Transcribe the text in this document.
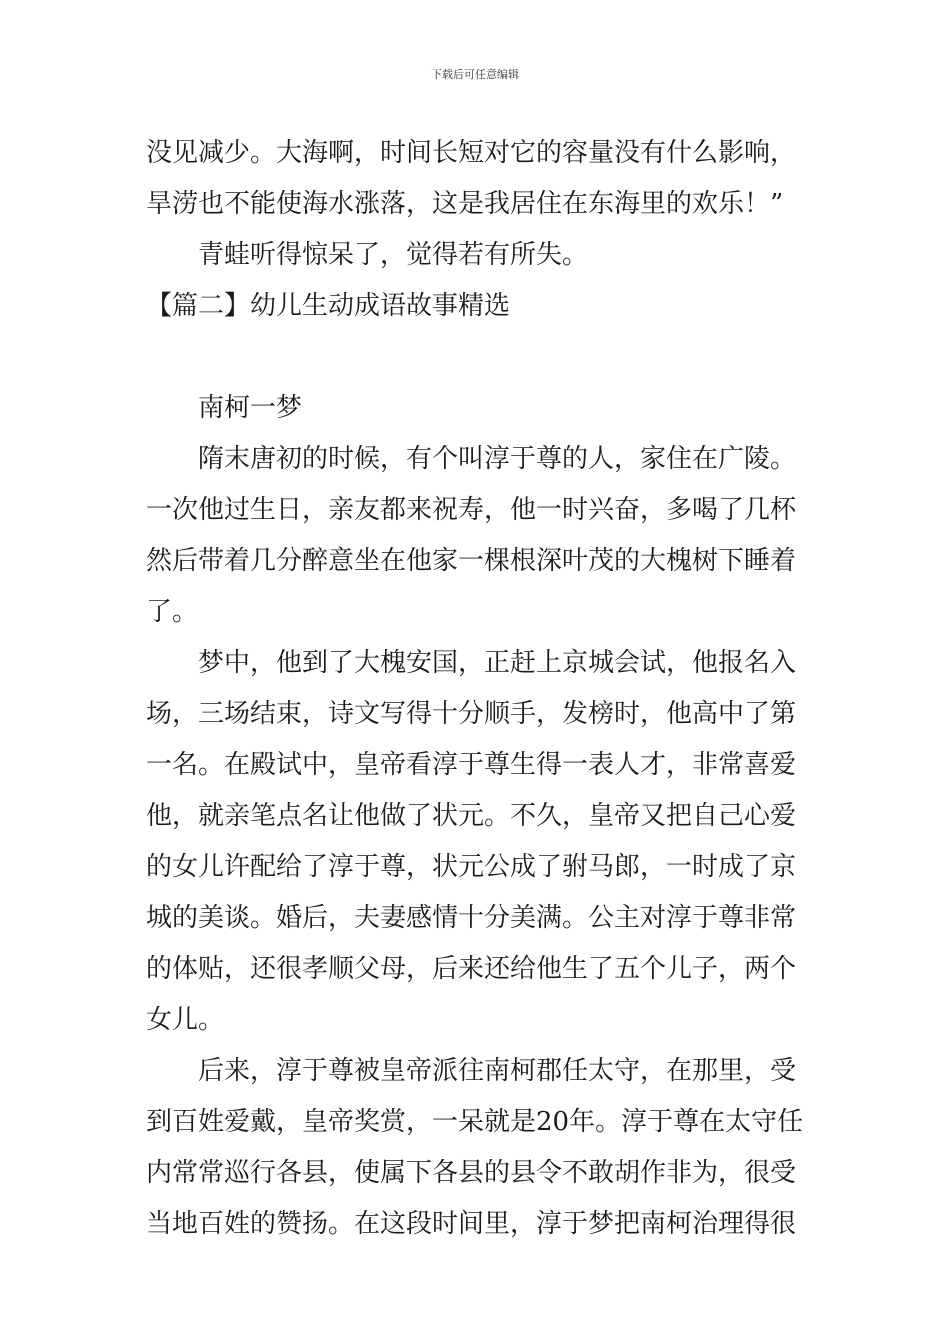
下载后可任意编辑
没见减少。大海啊，时间长短对它的容量没有什么影响，
旱涝也不能使海水涨落，这是我居住在东海里的欢乐！”
青蛙听得惊呆了，觉得若有所失。
【篇二】幼儿生动成语故事精选
南柯一梦
隋末唐初的时候，有个叫淳于尊的人，家住在广陵。
一次他过生日，亲友都来祝寿，他一时兴奋，多喝了几杯
然后带着几分醉意坐在他家一棵根深叶茂的大槐树下睡着
了。
梦中，他到了大槐安国，正赶上京城会试，他报名入
场，三场结束，诗文写得十分顺手，发榜时，他高中了第
一名。在殿试中，皇帝看淳于尊生得一表人才，非常喜爱
他，就亲笔点名让他做了状元。不久，皇帝又把自己心爱
的女儿许配给了淳于尊，状元公成了驸马郎，一时成了京
城的美谈。婚后，夫妻感情十分美满。公主对淳于尊非常
的体贴，还很孝顺父母，后来还给他生了五个儿子，两个
女儿。
后来，淳于尊被皇帝派往南柯郡任太守，在那里，受
到百姓爱戴，皇帝奖赏，一呆就是20年。淳于尊在太守任
内常常巡行各县，使属下各县的县令不敢胡作非为，很受
当地百姓的赞扬。在这段时间里，淳于梦把南柯治理得很
